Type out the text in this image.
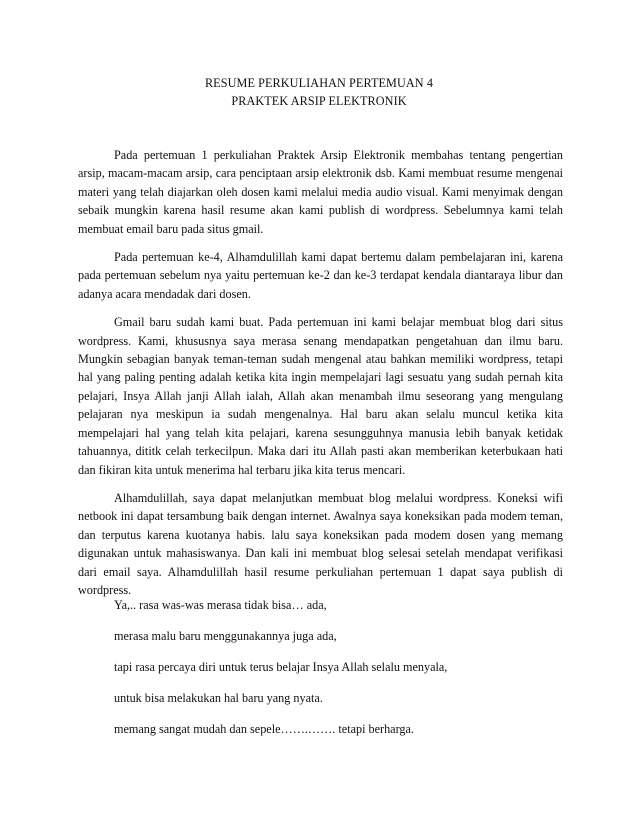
RESUME PERKULIAHAN PERTEMUAN 4

PRAKTEK ARSIP ELEKTRONIK

Pada pertemuan 1 perkuliahan Praktek Arsip Elektronik membahas tentang pengertian arsip, macam-macam arsip, cara penciptaan arsip elektronik dsb. Kami membuat resume mengenai materi yang telah diajarkan oleh dosen kami melalui media audio visual. Kami menyimak dengan sebaik mungkin karena hasil resume akan kami publish di wordpress. Sebelumnya kami telah membuat email baru pada situs gmail.

Pada pertemuan ke-4, Alhamdulillah kami dapat bertemu dalam pembelajaran ini, karena pada pertemuan sebelum nya yaitu pertemuan ke-2 dan ke-3 terdapat kendala diantaraya libur dan adanya acara mendadak dari dosen.

Gmail baru sudah kami buat. Pada pertemuan ini kami belajar membuat blog dari situs wordpress. Kami, khususnya saya merasa senang mendapatkan pengetahuan dan ilmu baru. Mungkin sebagian banyak teman-teman sudah mengenal atau bahkan memiliki wordpress, tetapi hal yang paling penting adalah ketika kita ingin mempelajari lagi sesuatu yang sudah pernah kita pelajari, Insya Allah janji Allah ialah, Allah akan menambah ilmu seseorang yang mengulang pelajaran nya meskipun ia sudah mengenalnya. Hal baru akan selalu muncul ketika kita mempelajari hal yang telah kita pelajari, karena sesungguhnya manusia lebih banyak ketidak tahuannya, dititk celah terkecilpun. Maka dari itu Allah pasti akan memberikan keterbukaan hati dan fikiran kita untuk menerima hal terbaru jika kita terus mencari.

Alhamdulillah, saya dapat melanjutkan membuat blog melalui wordpress. Koneksi wifi netbook ini dapat tersambung baik dengan internet. Awalnya saya koneksikan pada modem teman, dan terputus karena kuotanya habis. lalu saya koneksikan pada modem dosen yang memang digunakan untuk mahasiswanya. Dan kali ini membuat blog selesai setelah mendapat verifikasi dari email saya. Alhamdulillah hasil resume perkuliahan pertemuan 1 dapat saya publish di wordpress.

Ya,.. rasa was-was merasa tidak bisa… ada,

merasa malu baru menggunakannya juga ada,

tapi rasa percaya diri untuk terus belajar Insya Allah selalu menyala,

untuk bisa melakukan hal baru yang nyata.

memang sangat mudah dan sepele…….……. tetapi berharga.
